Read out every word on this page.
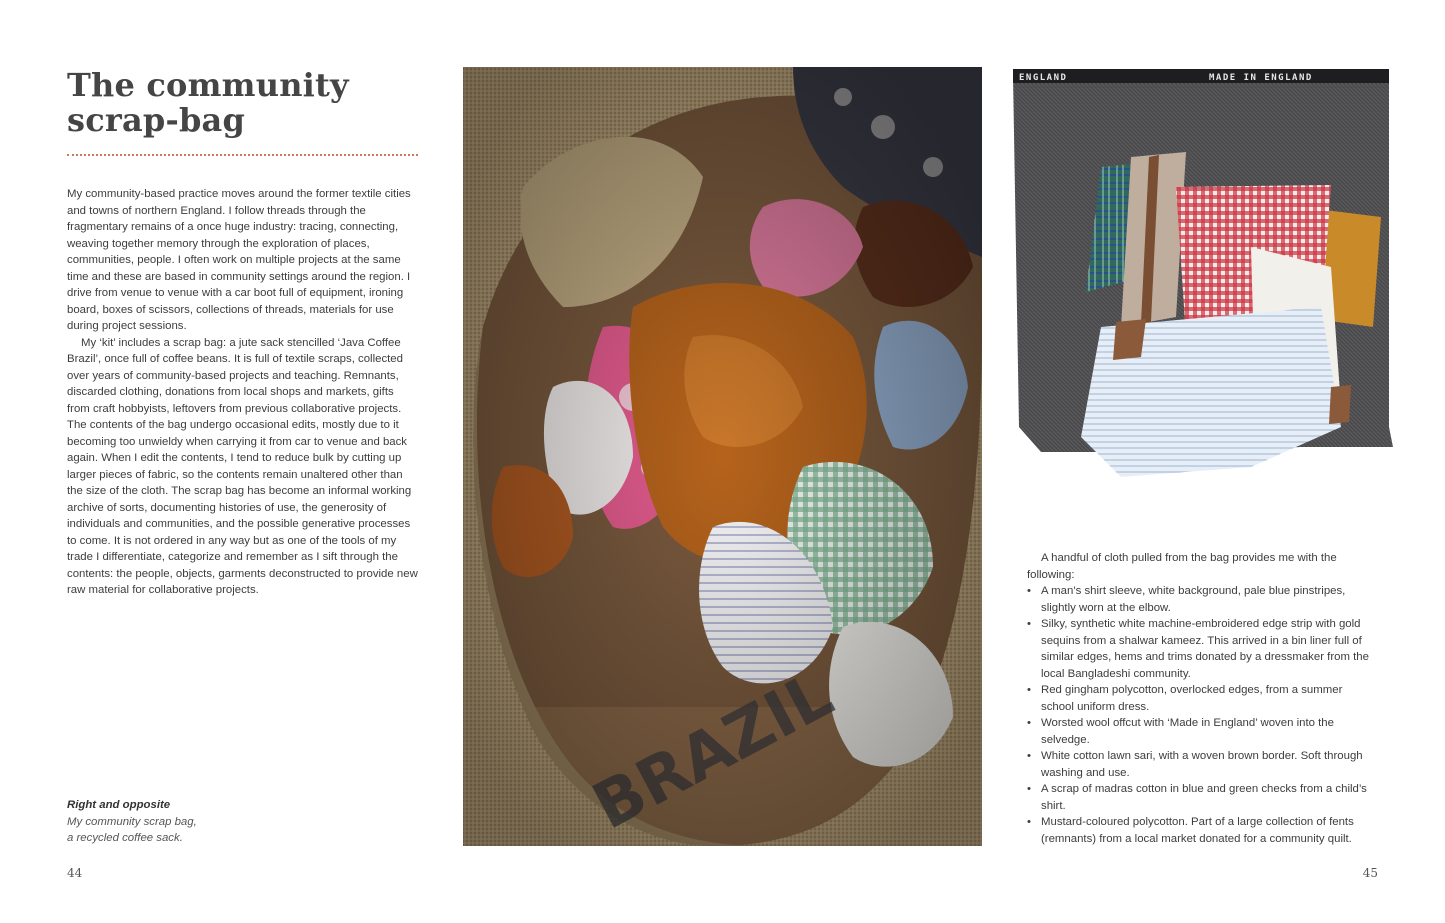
The community
scrap-bag

My community-based practice moves around the former textile cities and towns of northern England. I follow threads through the fragmentary remains of a once huge industry: tracing, connecting, weaving together memory through the exploration of places, communities, people. I often work on multiple projects at the same time and these are based in community settings around the region. I drive from venue to venue with a car boot full of equipment, ironing board, boxes of scissors, collections of threads, materials for use during project sessions.

My ‘kit’ includes a scrap bag: a jute sack stencilled ‘Java Coffee Brazil’, once full of coffee beans. It is full of textile scraps, collected over years of community-based projects and teaching. Remnants, discarded clothing, donations from local shops and markets, gifts from craft hobbyists, leftovers from previous collaborative projects. The contents of the bag undergo occasional edits, mostly due to it becoming too unwieldy when carrying it from car to venue and back again. When I edit the contents, I tend to reduce bulk by cutting up larger pieces of fabric, so the contents remain unaltered other than the size of the cloth. The scrap bag has become an informal working archive of sorts, documenting histories of use, the generosity of individuals and communities, and the possible generative processes to come. It is not ordered in any way but as one of the tools of my trade I differentiate, categorize and remember as I sift through the contents: the people, objects, garments deconstructed to provide new raw material for collaborative projects.

Right and opposite
My community scrap bag,
a recycled coffee sack.
44
ENGLAND	MADE IN ENGLAND

A handful of cloth pulled from the bag provides me with the following:

• A man’s shirt sleeve, white background, pale blue pinstripes, slightly worn at the elbow.
• Silky, synthetic white machine-embroidered edge strip with gold sequins from a shalwar kameez. This arrived in a bin liner full of similar edges, hems and trims donated by a dressmaker from the local Bangladeshi community.
• Red gingham polycotton, overlocked edges, from a summer school uniform dress.
• Worsted wool offcut with ‘Made in England’ woven into the selvedge.
• White cotton lawn sari, with a woven brown border. Soft through washing and use.
• A scrap of madras cotton in blue and green checks from a child’s shirt.
• Mustard-coloured polycotton. Part of a large collection of fents (remnants) from a local market donated for a community quilt.
45
